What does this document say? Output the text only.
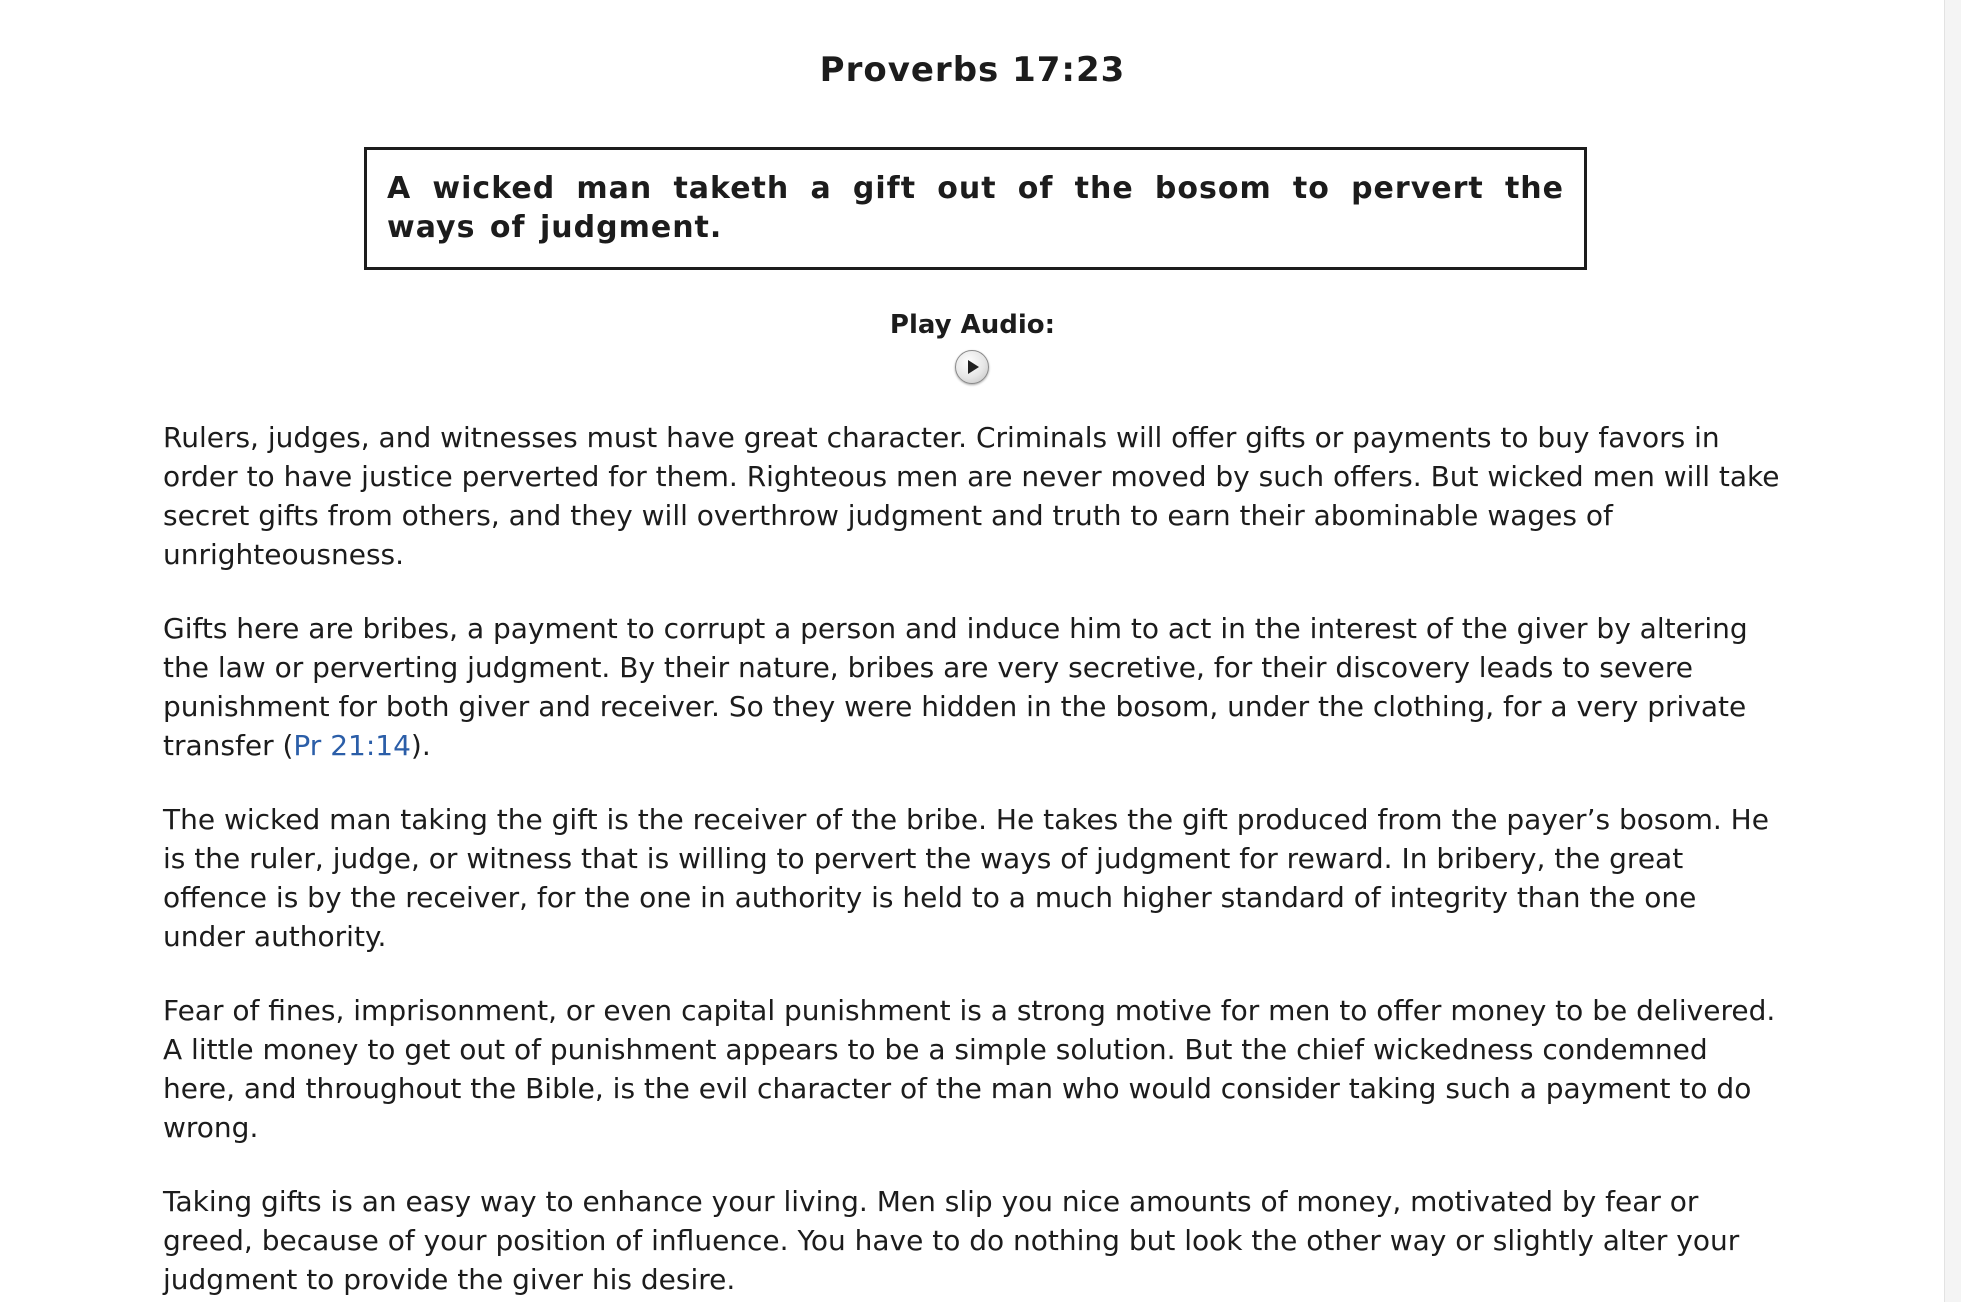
Proverbs 17:23
A wicked man taketh a gift out of the bosom to pervert the ways of judgment.
Play Audio:

Rulers, judges, and witnesses must have great character. Criminals will offer gifts or payments to buy favors in order to have justice perverted for them. Righteous men are never moved by such offers. But wicked men will take secret gifts from others, and they will overthrow judgment and truth to earn their abominable wages of unrighteousness.

Gifts here are bribes, a payment to corrupt a person and induce him to act in the interest of the giver by altering the law or perverting judgment. By their nature, bribes are very secretive, for their discovery leads to severe punishment for both giver and receiver. So they were hidden in the bosom, under the clothing, for a very private transfer (Pr 21:14).

The wicked man taking the gift is the receiver of the bribe. He takes the gift produced from the payer’s bosom. He is the ruler, judge, or witness that is willing to pervert the ways of judgment for reward. In bribery, the great offence is by the receiver, for the one in authority is held to a much higher standard of integrity than the one under authority.

Fear of fines, imprisonment, or even capital punishment is a strong motive for men to offer money to be delivered. A little money to get out of punishment appears to be a simple solution. But the chief wickedness condemned here, and throughout the Bible, is the evil character of the man who would consider taking such a payment to do wrong.

Taking gifts is an easy way to enhance your living. Men slip you nice amounts of money, motivated by fear or greed, because of your position of influence. You have to do nothing but look the other way or slightly alter your judgment to provide the giver his desire.
